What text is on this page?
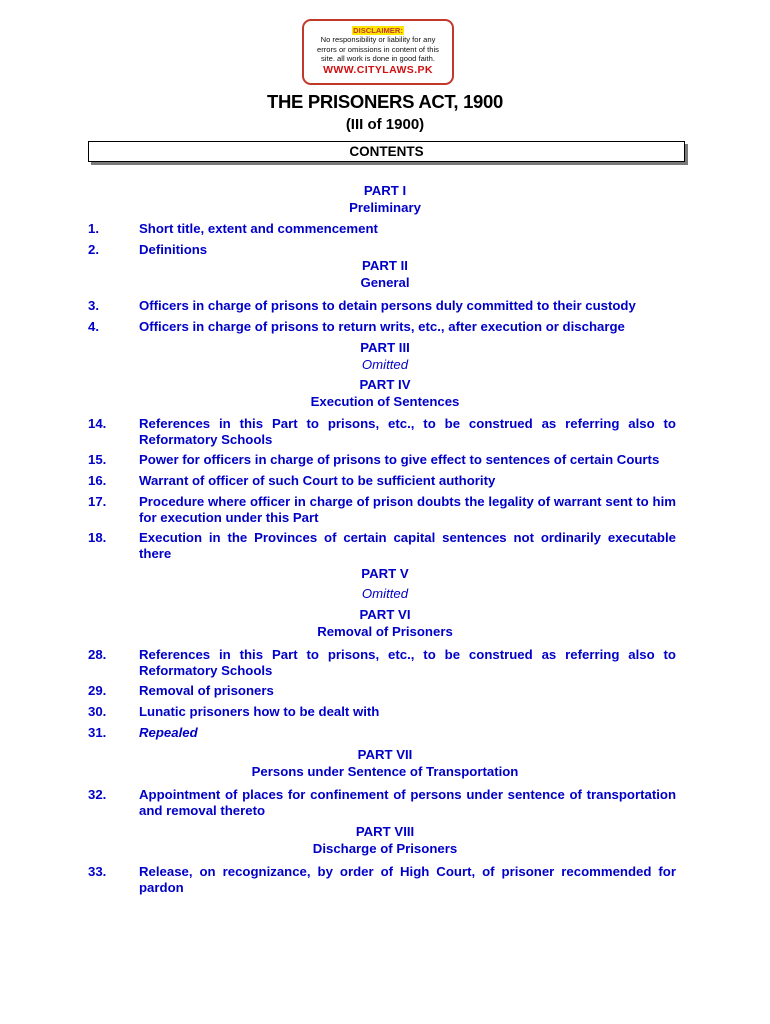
DISCLAIMER:
No responsibility or liability for any
errors or omissions in content of this
site. all work is done in good faith.
WWW.CITYLAWS.PK
THE PRISONERS ACT, 1900
(III of 1900)
CONTENTS
PART I
Preliminary
1.	Short title, extent and commencement
2.	Definitions
PART II
General
3.	Officers in charge of prisons to detain persons duly committed to their custody
4.	Officers in charge of prisons to return writs, etc., after execution or discharge
PART III
Omitted
PART IV
Execution of Sentences
14.	References in this Part to prisons, etc., to be construed as referring also to Reformatory Schools
15.	Power for officers in charge of prisons to give effect to sentences of certain Courts
16.	Warrant of officer of such Court to be sufficient authority
17.	Procedure where officer in charge of prison doubts the legality of warrant sent to him for execution under this Part
18.	Execution in the Provinces of certain capital sentences not ordinarily executable there
PART V
Omitted
PART VI
Removal of Prisoners
28.	References in this Part to prisons, etc., to be construed as referring also to Reformatory Schools
29.	Removal of prisoners
30.	Lunatic prisoners how to be dealt with
31.	Repealed
PART VII
Persons under Sentence of Transportation
32.	Appointment of places for confinement of persons under sentence of transportation and removal thereto
PART VIII
Discharge of Prisoners
33.	Release, on recognizance, by order of High Court, of prisoner recommended for pardon
